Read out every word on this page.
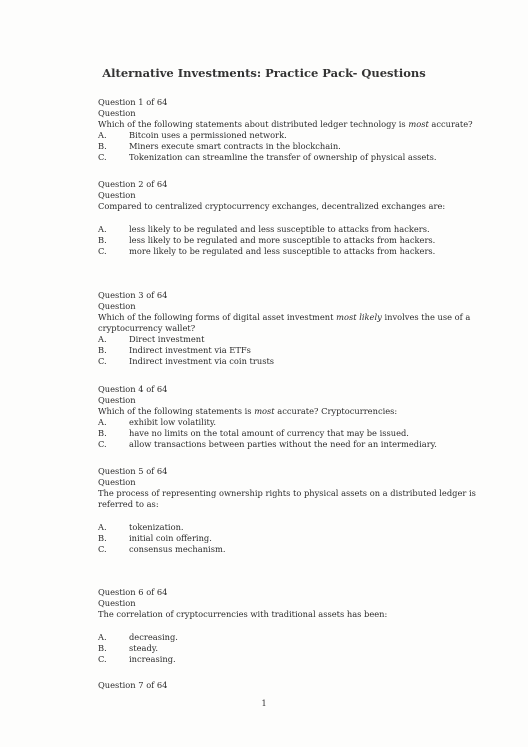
Alternative Investments: Practice Pack- Questions
Question 1 of 64
Question

Which of the following statements about distributed ledger technology is most accurate?

A.	Bitcoin uses a permissioned network.
B.	Miners execute smart contracts in the blockchain.
C.	Tokenization can streamline the transfer of ownership of physical assets.
Question 2 of 64
Question

Compared to centralized cryptocurrency exchanges, decentralized exchanges are:

A.	less likely to be regulated and less susceptible to attacks from hackers.
B.	less likely to be regulated and more susceptible to attacks from hackers.
C.	more likely to be regulated and less susceptible to attacks from hackers.
Question 3 of 64
Question

Which of the following forms of digital asset investment most likely involves the use of a cryptocurrency wallet?

A.	Direct investment
B.	Indirect investment via ETFs
C.	Indirect investment via coin trusts
Question 4 of 64
Question

Which of the following statements is most accurate? Cryptocurrencies:

A.	exhibit low volatility.
B.	have no limits on the total amount of currency that may be issued.
C.	allow transactions between parties without the need for an intermediary.
Question 5 of 64
Question

The process of representing ownership rights to physical assets on a distributed ledger is referred to as:

A.	tokenization.
B.	initial coin offering.
C.	consensus mechanism.
Question 6 of 64
Question

The correlation of cryptocurrencies with traditional assets has been:

A.	decreasing.
B.	steady.
C.	increasing.
Question 7 of 64
1
